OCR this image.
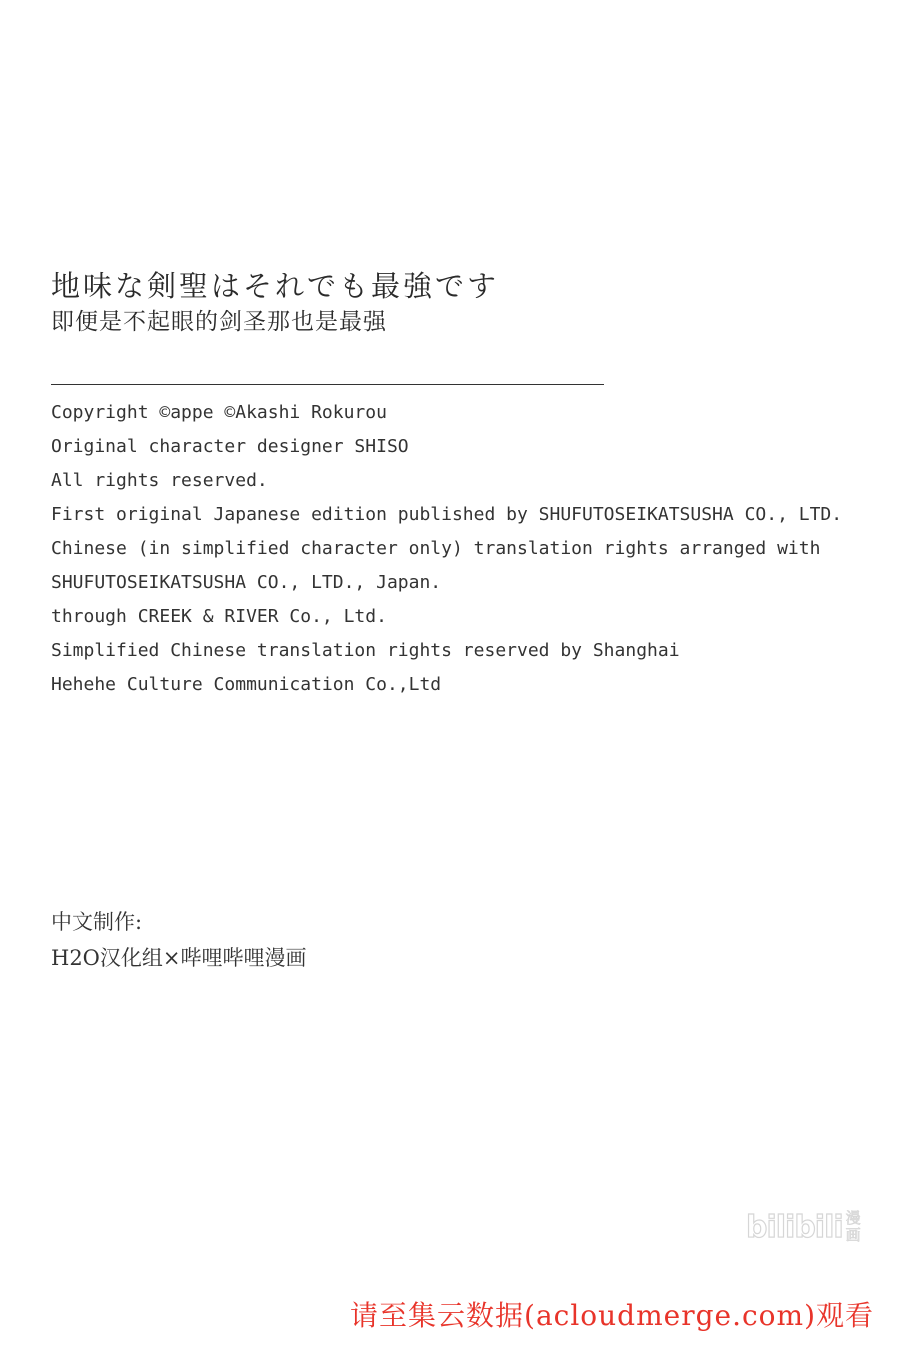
地味な剣聖はそれでも最強です
即便是不起眼的剑圣那也是最强
Copyright ©appe ©Akashi Rokurou
Original character designer SHISO
All rights reserved.
First original Japanese edition published by SHUFUTOSEIKATSUSHA CO., LTD.
Chinese (in simplified character only) translation rights arranged with
SHUFUTOSEIKATSUSHA CO., LTD., Japan.
through CREEK & RIVER Co., Ltd.
Simplified Chinese translation rights reserved by Shanghai
Hehehe Culture Communication Co.,Ltd
中文制作:
H2O汉化组×哔哩哔哩漫画
bilibili 漫
画
请至集云数据(acloudmerge.com)观看
